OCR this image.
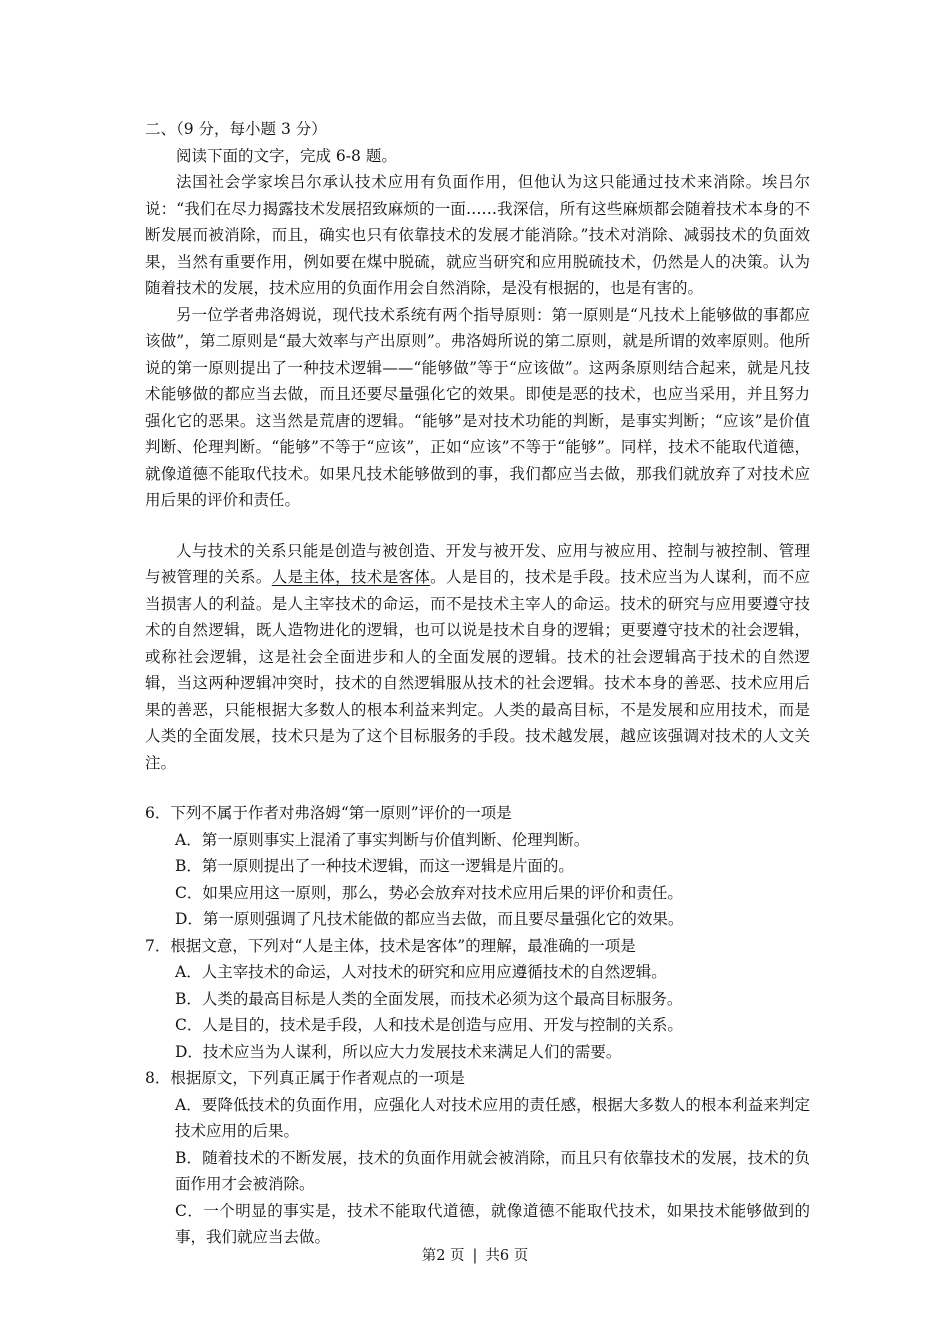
二、（9 分，每小题 3 分）

阅读下面的文字，完成 6-8 题。

法国社会学家埃吕尔承认技术应用有负面作用，但他认为这只能通过技术来消除。埃吕尔说：“我们在尽力揭露技术发展招致麻烦的一面……我深信，所有这些麻烦都会随着技术本身的不断发展而被消除，而且，确实也只有依靠技术的发展才能消除。”技术对消除、减弱技术的负面效果，当然有重要作用，例如要在煤中脱硫，就应当研究和应用脱硫技术，仍然是人的决策。认为随着技术的发展，技术应用的负面作用会自然消除，是没有根据的，也是有害的。

另一位学者弗洛姆说，现代技术系统有两个指导原则：第一原则是“凡技术上能够做的事都应该做”，第二原则是“最大效率与产出原则”。弗洛姆所说的第二原则，就是所谓的效率原则。他所说的第一原则提出了一种技术逻辑——“能够做”等于“应该做”。这两条原则结合起来，就是凡技术能够做的都应当去做，而且还要尽量强化它的效果。即使是恶的技术，也应当采用，并且努力强化它的恶果。这当然是荒唐的逻辑。“能够”是对技术功能的判断，是事实判断；“应该”是价值判断、伦理判断。“能够”不等于“应该”，正如“应该”不等于“能够”。同样，技术不能取代道德，就像道德不能取代技术。如果凡技术能够做到的事，我们都应当去做，那我们就放弃了对技术应用后果的评价和责任。

人与技术的关系只能是创造与被创造、开发与被开发、应用与被应用、控制与被控制、管理与被管理的关系。人是主体，技术是客体。人是目的，技术是手段。技术应当为人谋利，而不应当损害人的利益。是人主宰技术的命运，而不是技术主宰人的命运。技术的研究与应用要遵守技术的自然逻辑，既人造物进化的逻辑，也可以说是技术自身的逻辑；更要遵守技术的社会逻辑，或称社会逻辑，这是社会全面进步和人的全面发展的逻辑。技术的社会逻辑高于技术的自然逻辑，当这两种逻辑冲突时，技术的自然逻辑服从技术的社会逻辑。技术本身的善恶、技术应用后果的善恶，只能根据大多数人的根本利益来判定。人类的最高目标，不是发展和应用技术，而是人类的全面发展，技术只是为了这个目标服务的手段。技术越发展，越应该强调对技术的人文关注。

6．下列不属于作者对弗洛姆“第一原则”评价的一项是

A．第一原则事实上混淆了事实判断与价值判断、伦理判断。

B．第一原则提出了一种技术逻辑，而这一逻辑是片面的。

C．如果应用这一原则，那么，势必会放弃对技术应用后果的评价和责任。

D．第一原则强调了凡技术能做的都应当去做，而且要尽量强化它的效果。

7．根据文意，下列对“人是主体，技术是客体”的理解，最准确的一项是

A．人主宰技术的命运，人对技术的研究和应用应遵循技术的自然逻辑。

B．人类的最高目标是人类的全面发展，而技术必须为这个最高目标服务。

C．人是目的，技术是手段，人和技术是创造与应用、开发与控制的关系。

D．技术应当为人谋利，所以应大力发展技术来满足人们的需要。

8．根据原文，下列真正属于作者观点的一项是

A．要降低技术的负面作用，应强化人对技术应用的责任感，根据大多数人的根本利益来判定技术应用的后果。

B．随着技术的不断发展，技术的负面作用就会被消除，而且只有依靠技术的发展，技术的负面作用才会被消除。

C．一个明显的事实是，技术不能取代道德，就像道德不能取代技术，如果技术能够做到的事，我们就应当去做。

第2 页 | 共6 页
